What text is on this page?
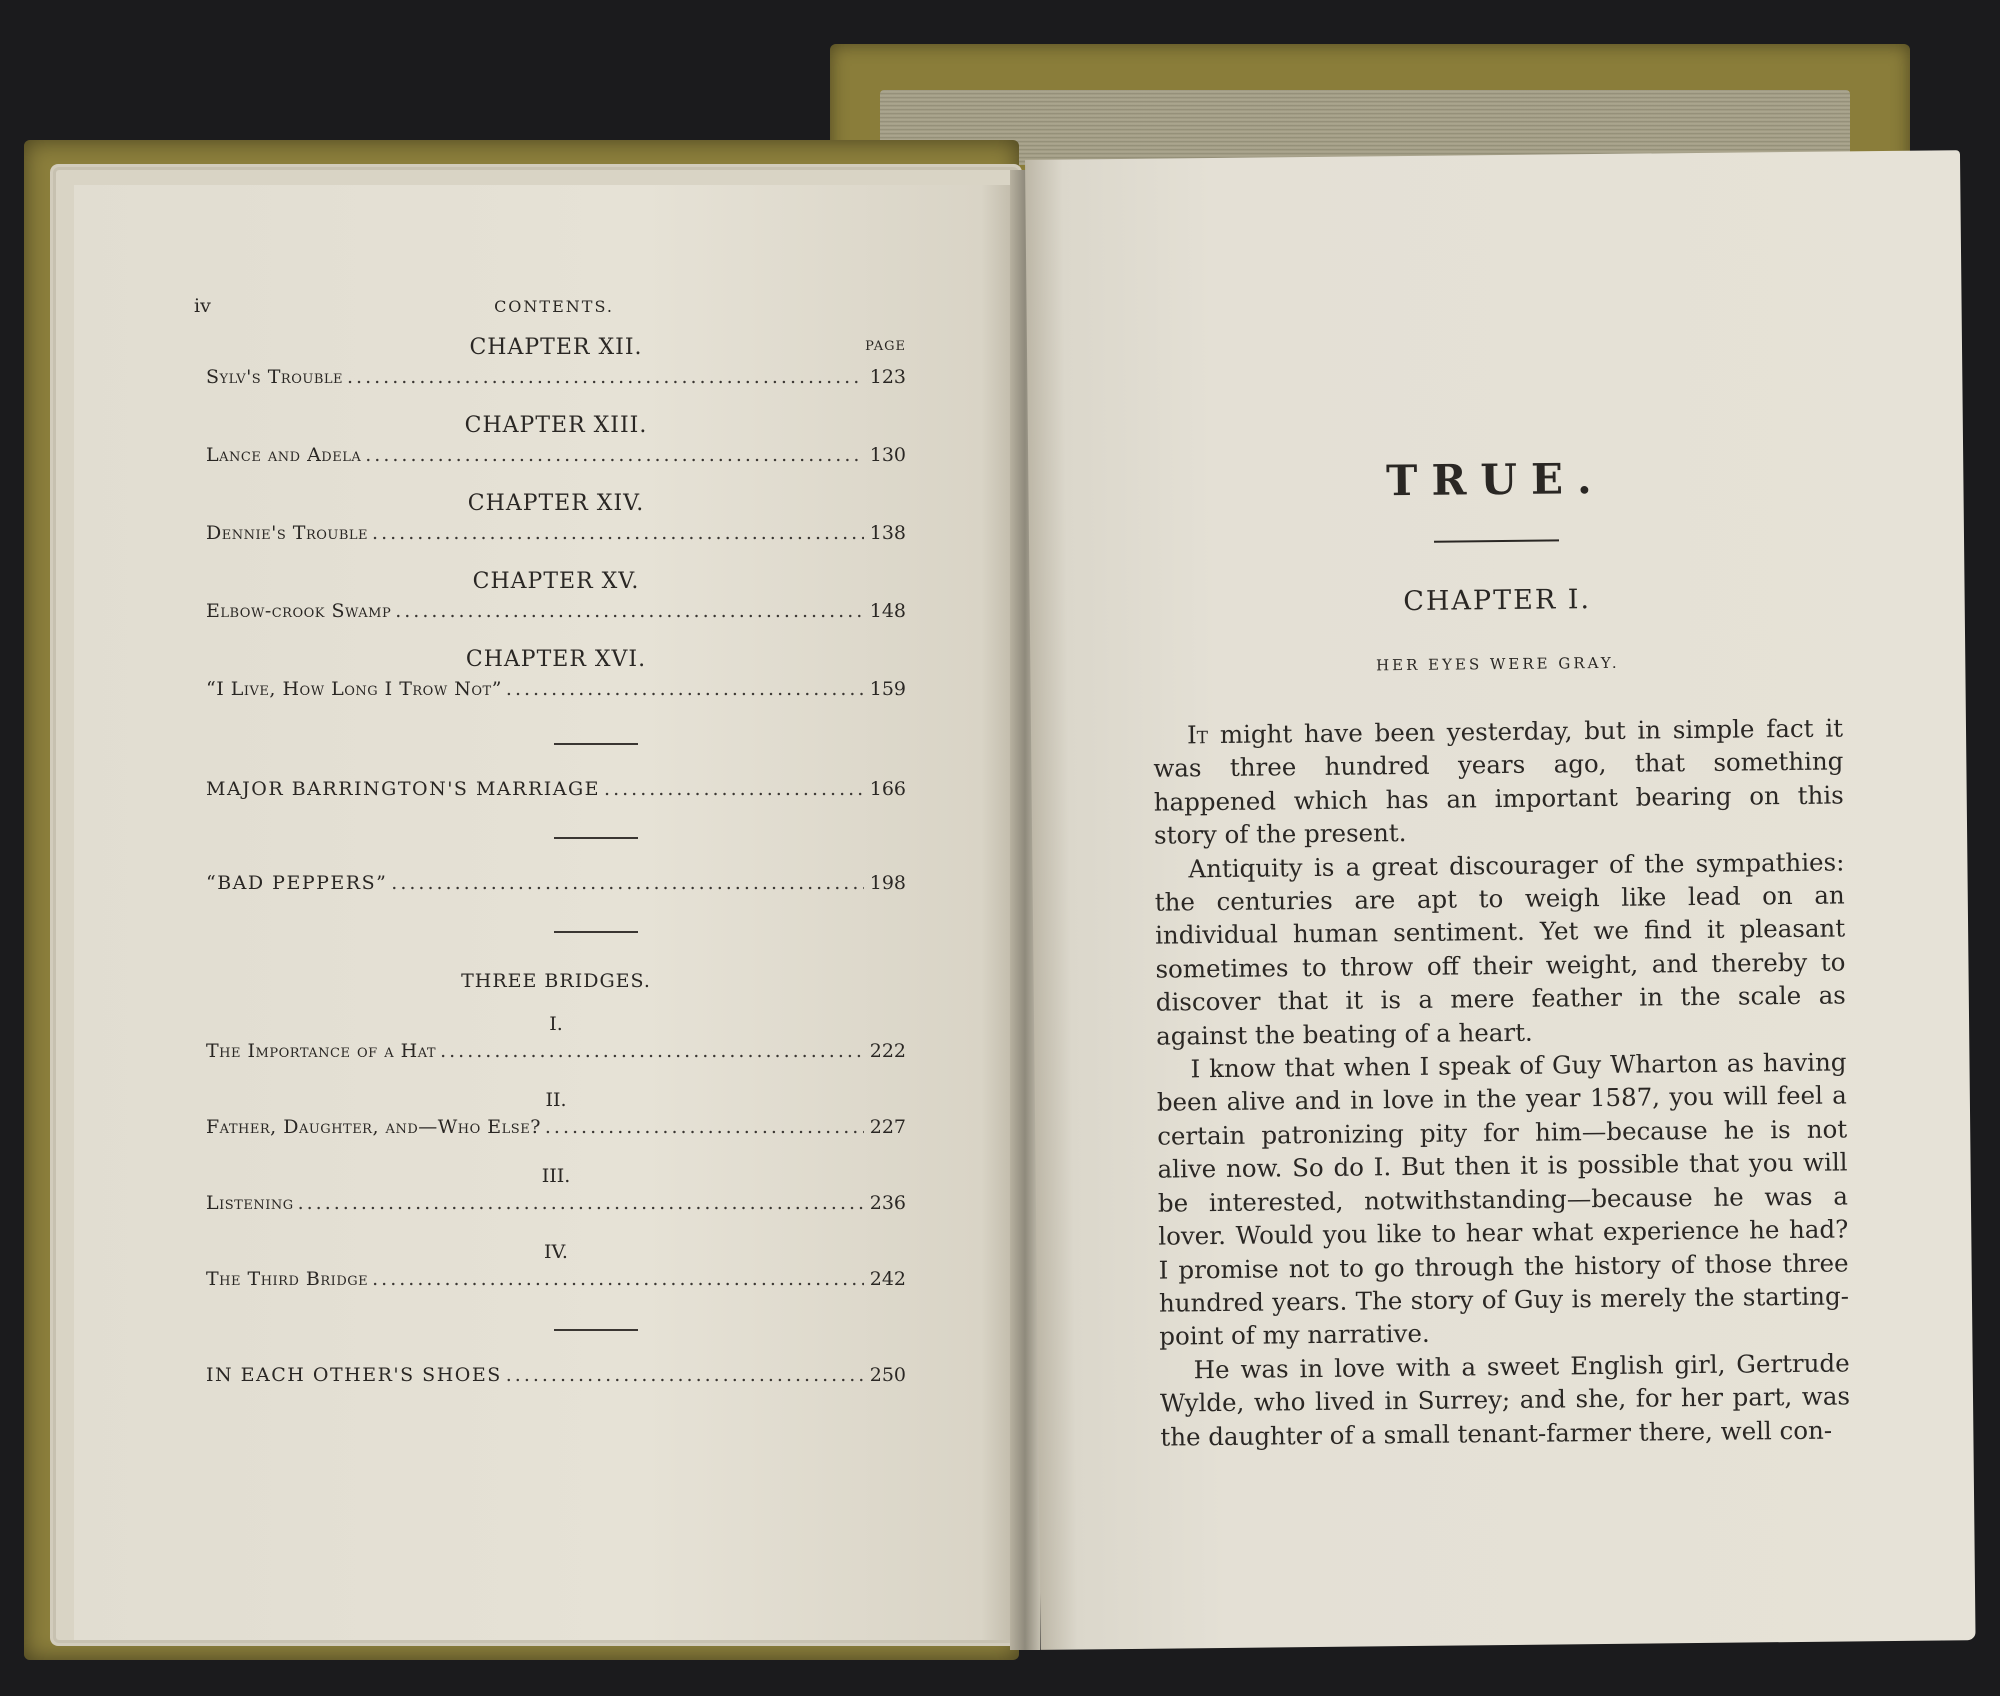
iv	CONTENTS.
PAGE
CHAPTER XII.
Sylv's Trouble .....	123
CHAPTER XIII.
Lance and Adela .....	130
CHAPTER XIV.
Dennie's Trouble .....	138
CHAPTER XV.
Elbow-crook Swamp .....	148
CHAPTER XVI.
“I Live, How Long I Trow Not” .....	159
MAJOR BARRINGTON'S MARRIAGE .....	166
“BAD PEPPERS” .....	198
THREE BRIDGES.
I.
The Importance of a Hat .....	222
II.
Father, Daughter, and—Who Else? .....	227
III.
Listening .....	236
IV.
The Third Bridge .....	242
IN EACH OTHER'S SHOES .....	250
TRUE.
CHAPTER I.
HER EYES WERE GRAY.

It might have been yesterday, but in simple fact it was three hundred years ago, that something happened which has an important bearing on this story of the present.

Antiquity is a great discourager of the sympathies: the centuries are apt to weigh like lead on an individual human sentiment. Yet we find it pleasant sometimes to throw off their weight, and thereby to discover that it is a mere feather in the scale as against the beating of a heart.

I know that when I speak of Guy Wharton as having been alive and in love in the year 1587, you will feel a certain patronizing pity for him—because he is not alive now. So do I. But then it is possible that you will be interested, notwithstanding—because he was a lover. Would you like to hear what experience he had? I promise not to go through the history of those three hundred years. The story of Guy is merely the starting-point of my narrative.

He was in love with a sweet English girl, Gertrude Wylde, who lived in Surrey; and she, for her part, was the daughter of a small tenant-farmer there, well con-
